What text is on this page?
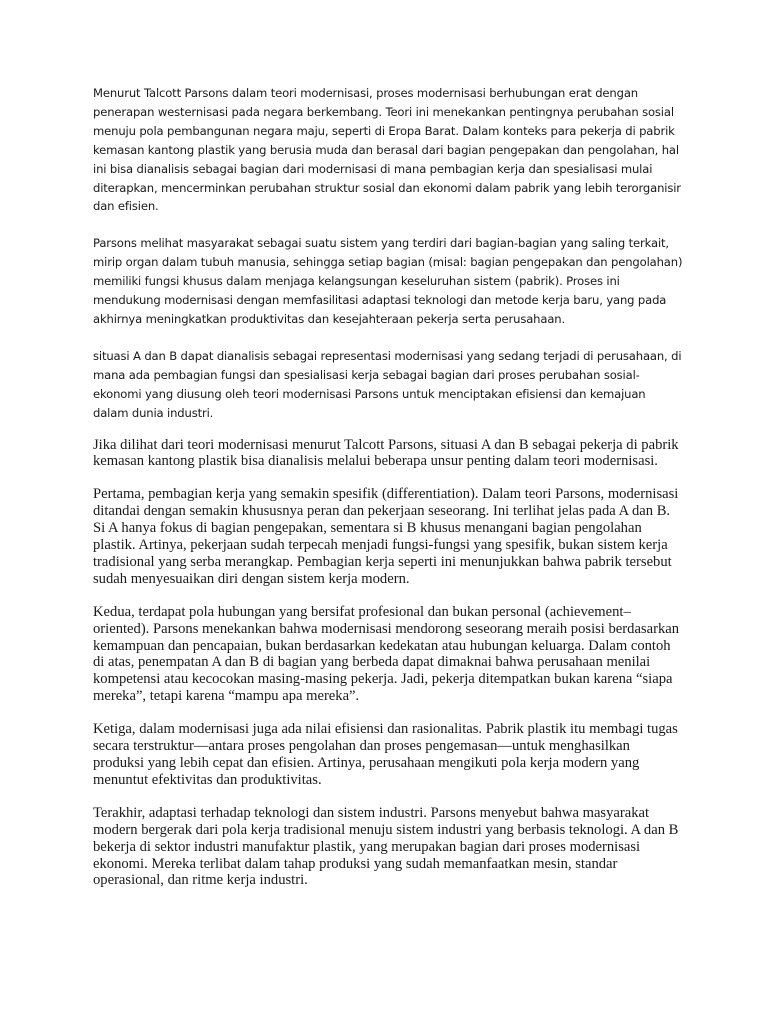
Menurut Talcott Parsons dalam teori modernisasi, proses modernisasi berhubungan erat dengan penerapan westernisasi pada negara berkembang. Teori ini menekankan pentingnya perubahan sosial menuju pola pembangunan negara maju, seperti di Eropa Barat. Dalam konteks para pekerja di pabrik kemasan kantong plastik yang berusia muda dan berasal dari bagian pengepakan dan pengolahan, hal ini bisa dianalisis sebagai bagian dari modernisasi di mana pembagian kerja dan spesialisasi mulai diterapkan, mencerminkan perubahan struktur sosial dan ekonomi dalam pabrik yang lebih terorganisir dan efisien.

Parsons melihat masyarakat sebagai suatu sistem yang terdiri dari bagian-bagian yang saling terkait, mirip organ dalam tubuh manusia, sehingga setiap bagian (misal: bagian pengepakan dan pengolahan) memiliki fungsi khusus dalam menjaga kelangsungan keseluruhan sistem (pabrik). Proses ini mendukung modernisasi dengan memfasilitasi adaptasi teknologi dan metode kerja baru, yang pada akhirnya meningkatkan produktivitas dan kesejahteraan pekerja serta perusahaan.

situasi A dan B dapat dianalisis sebagai representasi modernisasi yang sedang terjadi di perusahaan, di mana ada pembagian fungsi dan spesialisasi kerja sebagai bagian dari proses perubahan sosial-ekonomi yang diusung oleh teori modernisasi Parsons untuk menciptakan efisiensi dan kemajuan dalam dunia industri.

Jika dilihat dari teori modernisasi menurut Talcott Parsons, situasi A dan B sebagai pekerja di pabrik kemasan kantong plastik bisa dianalisis melalui beberapa unsur penting dalam teori modernisasi.

Pertama, pembagian kerja yang semakin spesifik (differentiation). Dalam teori Parsons, modernisasi ditandai dengan semakin khususnya peran dan pekerjaan seseorang. Ini terlihat jelas pada A dan B. Si A hanya fokus di bagian pengepakan, sementara si B khusus menangani bagian pengolahan plastik. Artinya, pekerjaan sudah terpecah menjadi fungsi-fungsi yang spesifik, bukan sistem kerja tradisional yang serba merangkap. Pembagian kerja seperti ini menunjukkan bahwa pabrik tersebut sudah menyesuaikan diri dengan sistem kerja modern.

Kedua, terdapat pola hubungan yang bersifat profesional dan bukan personal (achievement–oriented). Parsons menekankan bahwa modernisasi mendorong seseorang meraih posisi berdasarkan kemampuan dan pencapaian, bukan berdasarkan kedekatan atau hubungan keluarga. Dalam contoh di atas, penempatan A dan B di bagian yang berbeda dapat dimaknai bahwa perusahaan menilai kompetensi atau kecocokan masing-masing pekerja. Jadi, pekerja ditempatkan bukan karena “siapa mereka”, tetapi karena “mampu apa mereka”.

Ketiga, dalam modernisasi juga ada nilai efisiensi dan rasionalitas. Pabrik plastik itu membagi tugas secara terstruktur—antara proses pengolahan dan proses pengemasan—untuk menghasilkan produksi yang lebih cepat dan efisien. Artinya, perusahaan mengikuti pola kerja modern yang menuntut efektivitas dan produktivitas.

Terakhir, adaptasi terhadap teknologi dan sistem industri. Parsons menyebut bahwa masyarakat modern bergerak dari pola kerja tradisional menuju sistem industri yang berbasis teknologi. A dan B bekerja di sektor industri manufaktur plastik, yang merupakan bagian dari proses modernisasi ekonomi. Mereka terlibat dalam tahap produksi yang sudah memanfaatkan mesin, standar operasional, dan ritme kerja industri.
